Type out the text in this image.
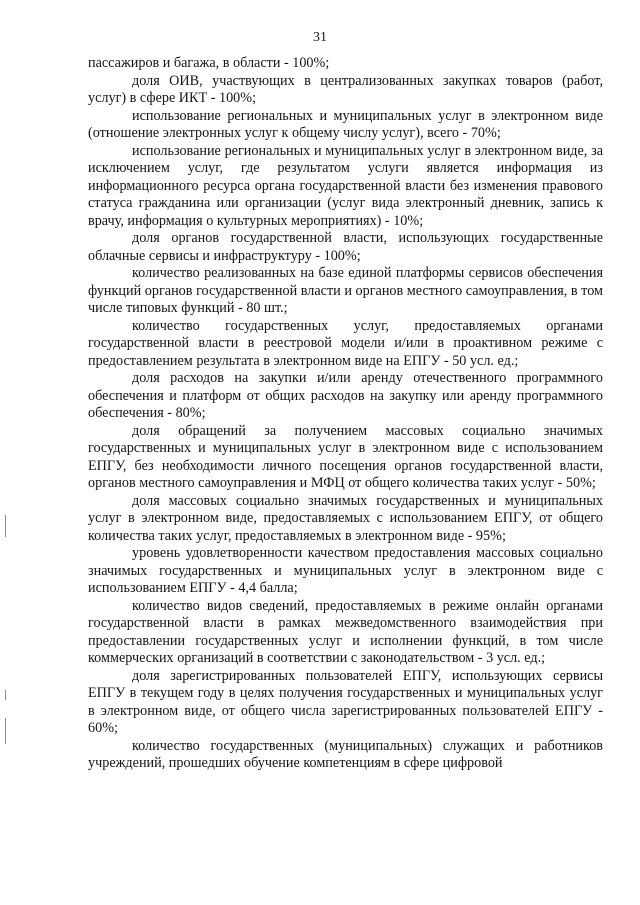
31

пассажиров и багажа, в области - 100%;

доля ОИВ, участвующих в централизованных закупках товаров (работ, услуг) в сфере ИКТ - 100%;

использование региональных и муниципальных услуг в электронном виде (отношение электронных услуг к общему числу услуг), всего - 70%;

использование региональных и муниципальных услуг в электронном виде, за исключением услуг, где результатом услуги является информация из информационного ресурса органа государственной власти без изменения правового статуса гражданина или организации (услуг вида электронный дневник, запись к врачу, информация о культурных мероприятиях) - 10%;

доля органов государственной власти, использующих государственные облачные сервисы и инфраструктуру - 100%;

количество реализованных на базе единой платформы сервисов обеспечения функций органов государственной власти и органов местного самоуправления, в том числе типовых функций - 80 шт.;

количество государственных услуг, предоставляемых органами государственной власти в реестровой модели и/или в проактивном режиме с предоставлением результата в электронном виде на ЕПГУ - 50 усл. ед.;

доля расходов на закупки и/или аренду отечественного программного обеспечения и платформ от общих расходов на закупку или аренду программного обеспечения - 80%;

доля обращений за получением массовых социально значимых государственных и муниципальных услуг в электронном виде с использованием ЕПГУ, без необходимости личного посещения органов государственной власти, органов местного самоуправления и МФЦ от общего количества таких услуг - 50%;

доля массовых социально значимых государственных и муниципальных услуг в электронном виде, предоставляемых с использованием ЕПГУ, от общего количества таких услуг, предоставляемых в электронном виде - 95%;

уровень удовлетворенности качеством предоставления массовых социально значимых государственных и муниципальных услуг в электронном виде с использованием ЕПГУ - 4,4 балла;

количество видов сведений, предоставляемых в режиме онлайн органами государственной власти в рамках межведомственного взаимодействия при предоставлении государственных услуг и исполнении функций, в том числе коммерческих организаций в соответствии с законодательством - 3 усл. ед.;

доля зарегистрированных пользователей ЕПГУ, использующих сервисы ЕПГУ в текущем году в целях получения государственных и муниципальных услуг в электронном виде, от общего числа зарегистрированных пользователей ЕПГУ - 60%;

количество государственных (муниципальных) служащих и работников учреждений, прошедших обучение компетенциям в сфере цифровой
